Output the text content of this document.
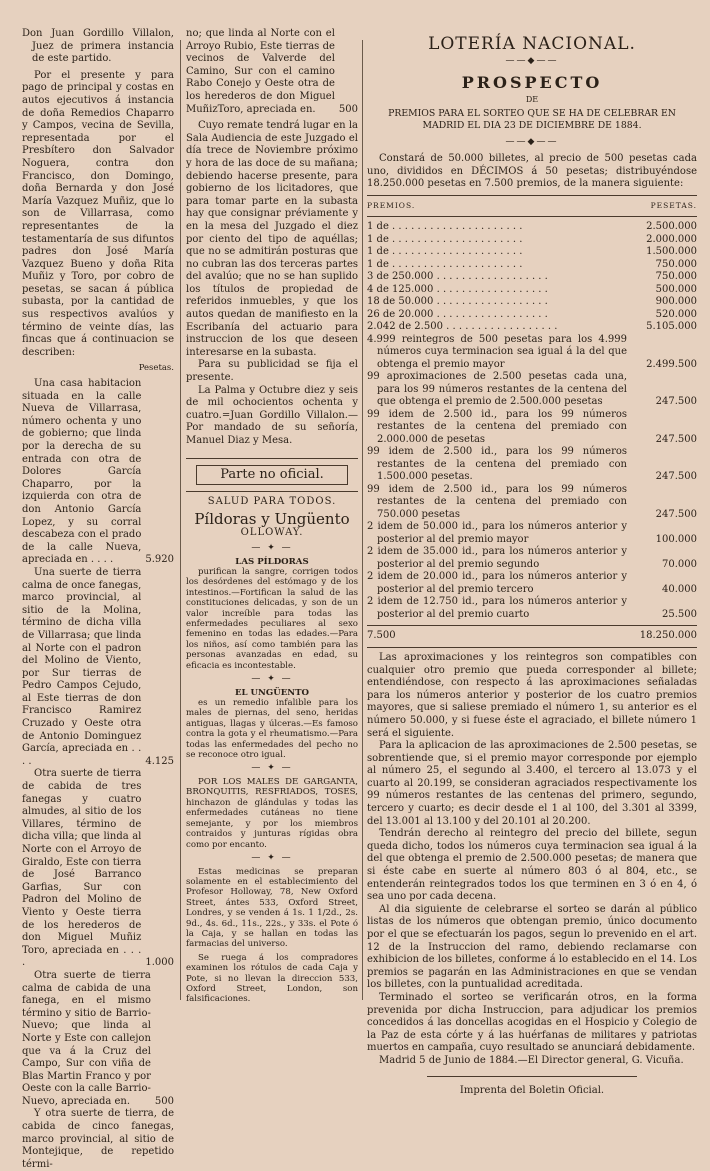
Don Juan Gordillo Villalon, Juez de primera instancia de este partido.

Por el presente y para pago de principal y costas en autos ejecutivos á instancia de doña Remedios Chaparro y Campos, vecina de Sevilla, representada por el Presbítero don Salvador Noguera, contra don Francisco, don Domingo, doña Bernarda y don José María Vazquez Muñiz, que lo son de Villarrasa, como representantes de la testamentaría de sus difuntos padres don José María Vazquez Bueno y doña Rita Muñiz y Toro, por cobro de pesetas, se sacan á pública subasta, por la cantidad de sus respectivos avalúos y término de veinte días, las fincas que á continuacion se describen:

Pesetas.

Una casa habitacion situada en la calle Nueva de Villarrasa, número ochenta y uno de gobierno; que linda por la derecha de su entrada con otra de Dolores García Chaparro, por la izquierda con otra de don Antonio García Lopez, y su corral descabeza con el prado de la calle Nueva, apreciada en . . . .	5.920

Una suerte de tierra calma de once fanegas, marco provincial, al sitio de la Molina, término de dicha villa de Villarrasa; que linda al Norte con el padron del Molino de Viento, por Sur tierras de Pedro Campos Cejudo, al Este tierras de don Francisco Ramirez Cruzado y Oeste otra de Antonio Dominguez García, apreciada en . . . .	4.125

Otra suerte de tierra de cabida de tres fanegas y cuatro almudes, al sitio de los Villares, término de dicha villa; que linda al Norte con el Arroyo de Giraldo, Este con tierra de José Barranco Garfias, Sur con Padron del Molino de Viento y Oeste tierra de los herederos de don Miguel Muñiz Toro, apreciada en . . . .	1.000

Otra suerte de tierra calma de cabida de una fanega, en el mismo término y sitio de Barrio-Nuevo; que linda al Norte y Este con callejon que va á la Cruz del Campo, Sur con viña de Blas Martin Franco y por Oeste con la calle Barrio-Nuevo, apreciada en.	500

Y otra suerte de tierra, de cabida de cinco fanegas, marco provincial, al sitio de Montejique, de repetido térmi-

no; que linda al Norte con el Arroyo Rubio, Este tierras de vecinos de Valverde del Camino, Sur con el camino Rabo Conejo y Oeste otra de los herederos de don Miguel MuñizToro, apreciada en.	500

Cuyo remate tendrá lugar en la Sala Audiencia de este Juzgado el día trece de Noviembre próximo y hora de las doce de su mañana; debiendo hacerse presente, para gobierno de los licitadores, que para tomar parte en la subasta hay que consignar préviamente y en la mesa del Juzgado el diez por ciento del tipo de aquéllas; que no se admitirán posturas que no cubran las dos terceras partes del avalúo; que no se han suplido los títulos de propiedad de referidos inmuebles, y que los autos quedan de manifiesto en la Escribanía del actuario para instruccion de los que deseen interesarse en la subasta.

Para su publicidad se fija el presente.

La Palma y Octubre diez y seis de mil ochocientos ochenta y cuatro.=Juan Gordillo Villalon.—Por mandado de su señoría, Manuel Diaz y Mesa.

Parte no oficial.

SALUD PARA TODOS.

Píldoras y Ungüento

OLLOWAY.

— ✦ —

LAS PÍLDORAS

purifican la sangre, corrigen todos los desórdenes del estómago y de los intestinos.—Fortifican la salud de las constituciones delicadas, y son de un valor increíble para todas las enfermedades peculiares al sexo femenino en todas las edades.—Para los niños, así como también para las personas avanzadas en edad, su eficacia es incontestable.

— ✦ —

EL UNGÜENTO

es un remedio infalible para los males de piernas, del seno, heridas antiguas, llagas y úlceras.—Es famoso contra la gota y el rheumatismo.—Para todas las enfermedades del pecho no se reconoce otro igual.

— ✦ —

POR LOS MALES DE GARGANTA, BRONQUITIS, RESFRIADOS, TOSES, hinchazon de glándulas y todas las enfermedades cutáneas no tiene semejante, y por los miembros contraidos y junturas rígidas obra como por encanto.

— ✦ —

Estas medicinas se preparan solamente en el establecimiento del Profesor Holloway, 78, New Oxford Street, ántes 533, Oxford Street, Londres, y se venden á 1s. 1 1/2d., 2s. 9d., 4s. 6d., 11s., 22s., y 33s. el Pote ó la Caja, y se hallan en todas las farmacias del universo.

Se ruega á los compradores examinen los rótulos de cada Caja y Pote, si no llevan la direccion 533, Oxford Street, London, son falsificaciones.

LOTERÍA NACIONAL.

——◆——

PROSPECTO

DE

PREMIOS PARA EL SORTEO QUE SE HA DE CELEBRAR EN MADRID EL DIA 23 DE DICIEMBRE DE 1884.

——◆——

Constará de 50.000 billetes, al precio de 500 pesetas cada uno, divididos en DÉCIMOS á 50 pesetas; distribuyéndose 18.250.000 pesetas en 7.500 premios, de la manera siguiente:

PREMIOS.	PESETAS.
1 de . . . . . . . . . . . . . . . . . . . . .	2.500.000
1 de . . . . . . . . . . . . . . . . . . . . .	2.000.000
1 de . . . . . . . . . . . . . . . . . . . . .	1.500.000
1 de . . . . . . . . . . . . . . . . . . . . .	750.000
3 de 250.000 . . . . . . . . . . . . . . . . . .	750.000
4 de 125.000 . . . . . . . . . . . . . . . . . .	500.000
18 de 50.000 . . . . . . . . . . . . . . . . . .	900.000
26 de 20.000 . . . . . . . . . . . . . . . . . .	520.000
2.042 de 2.500 . . . . . . . . . . . . . . . . . .	5.105.000
4.999 reintegros de 500 pesetas para los 4.999 números cuya terminacion sea igual á la del que obtenga el premio mayor	2.499.500
99 aproximaciones de 2.500 pesetas cada una, para los 99 números restantes de la centena del que obtenga el premio de 2.500.000 pesetas	247.500
99 idem de 2.500 id., para los 99 números restantes de la centena del premiado con 2.000.000 de pesetas	247.500
99 idem de 2.500 id., para los 99 números restantes de la centena del premiado con 1.500.000 pesetas.	247.500
99 idem de 2.500 id., para los 99 números restantes de la centena del premiado con 750.000 pesetas	247.500
2 idem de 50.000 id., para los números anterior y posterior al del premio mayor	100.000
2 idem de 35.000 id., para los números anterior y posterior al del premio segundo	70.000
2 idem de 20.000 id., para los números anterior y posterior al del premio tercero	40.000
2 idem de 12.750 id., para los números anterior y posterior al del premio cuarto	25.500
7.500	18.250.000

Las aproximaciones y los reintegros son compatibles con cualquier otro premio que pueda corresponder al billete; entendiéndose, con respecto á las aproximaciones señaladas para los números anterior y posterior de los cuatro premios mayores, que si saliese premiado el número 1, su anterior es el número 50.000, y si fuese éste el agraciado, el billete número 1 será el siguiente.

Para la aplicacion de las aproximaciones de 2.500 pesetas, se sobrentiende que, si el premio mayor corresponde por ejemplo al número 25, el segundo al 3.400, el tercero al 13.073 y el cuarto al 20.199, se consideran agraciados respectivamente los 99 números restantes de las centenas del primero, segundo, tercero y cuarto; es decir desde el 1 al 100, del 3.301 al 3399, del 13.001 al 13.100 y del 20.101 al 20.200.

Tendrán derecho al reintegro del precio del billete, segun queda dicho, todos los números cuya terminacion sea igual á la del que obtenga el premio de 2.500.000 pesetas; de manera que si éste cabe en suerte al número 803 ó al 804, etc., se entenderán reintegrados todos los que terminen en 3 ó en 4, ó sea uno por cada decena.

Al dia siguiente de celebrarse el sorteo se darán al público listas de los números que obtengan premio, único documento por el que se efectuarán los pagos, segun lo prevenido en el art. 12 de la Instruccion del ramo, debiendo reclamarse con exhibicion de los billetes, conforme á lo establecido en el 14. Los premios se pagarán en las Administraciones en que se vendan los billetes, con la puntualidad acreditada.

Terminado el sorteo se verificarán otros, en la forma prevenida por dicha Instruccion, para adjudicar los premios concedidos á las doncellas acogidas en el Hospicio y Colegio de la Paz de esta córte y á las huérfanas de militares y patriotas muertos en campaña, cuyo resultado se anunciará debidamente.

Madrid 5 de Junio de 1884.—El Director general, G. Vicuña.

Imprenta del Boletin Oficial.
